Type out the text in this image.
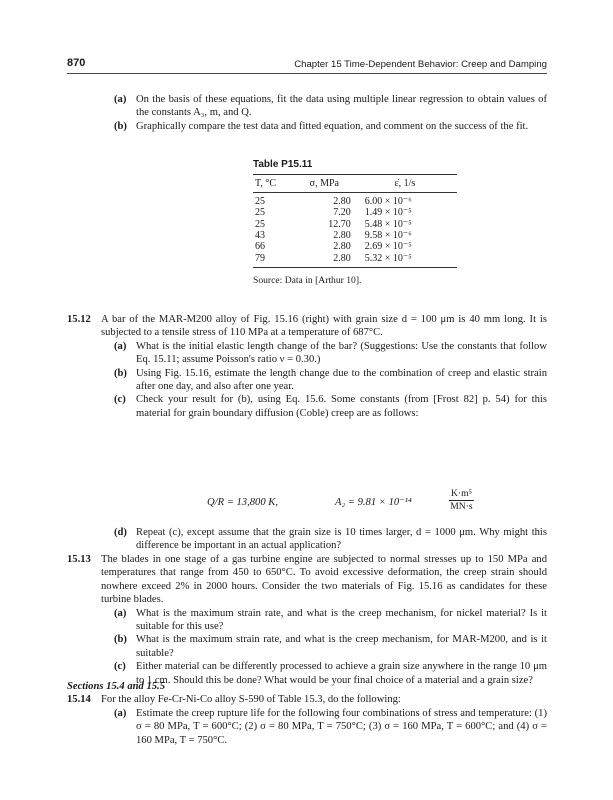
870	Chapter 15 Time-Dependent Behavior: Creep and Damping
(a) On the basis of these equations, fit the data using multiple linear regression to obtain values of the constants A₃, m, and Q.

(b) Graphically compare the test data and fitted equation, and comment on the success of the fit.

Table P15.11
T, °C	σ, MPa	ε̇, 1/s
25	2.80	6.00 × 10⁻⁶
25	7.20	1.49 × 10⁻⁵
25	12.70	5.48 × 10⁻⁵
43	2.80	9.58 × 10⁻⁶
66	2.80	2.69 × 10⁻⁵
79	2.80	5.32 × 10⁻⁵
Source: Data in [Arthur 10].
15.12 A bar of the MAR-M200 alloy of Fig. 15.16 (right) with grain size d = 100 μm is 40 mm long. It is subjected to a tensile stress of 110 MPa at a temperature of 687°C.

(a) What is the initial elastic length change of the bar? (Suggestions: Use the constants that follow Eq. 15.11; assume Poisson's ratio ν = 0.30.)

(b) Using Fig. 15.16, estimate the length change due to the combination of creep and elastic strain after one day, and also after one year.

(c) Check your result for (b), using Eq. 15.6. Some constants (from [Frost 82] p. 54) for this material for grain boundary diffusion (Coble) creep are as follows:

Q/R = 13,800 K,	A₂ = 9.81 × 10⁻¹⁴	$\frac{\text{K·m⁵}}{MN\cdot s}$
(d) Repeat (c), except assume that the grain size is 10 times larger, d = 1000 μm. Why might this difference be important in an actual application?

15.13 The blades in one stage of a gas turbine engine are subjected to normal stresses up to 150 MPa and temperatures that range from 450 to 650°C. To avoid excessive deformation, the creep strain should nowhere exceed 2% in 2000 hours. Consider the two materials of Fig. 15.16 as candidates for these turbine blades.

(a) What is the maximum strain rate, and what is the creep mechanism, for nickel material? Is it suitable for this use?

(b) What is the maximum strain rate, and what is the creep mechanism, for MAR-M200, and is it suitable?

(c) Either material can be differently processed to achieve a grain size anywhere in the range 10 μm to 1 cm. Should this be done? What would be your final choice of a material and a grain size?

Sections 15.4 and 15.5

15.14 For the alloy Fe-Cr-Ni-Co alloy S-590 of Table 15.3, do the following:

(a) Estimate the creep rupture life for the following four combinations of stress and temperature: (1) σ = 80 MPa, T = 600°C; (2) σ = 80 MPa, T = 750°C; (3) σ = 160 MPa, T = 600°C; and (4) σ = 160 MPa, T = 750°C.
